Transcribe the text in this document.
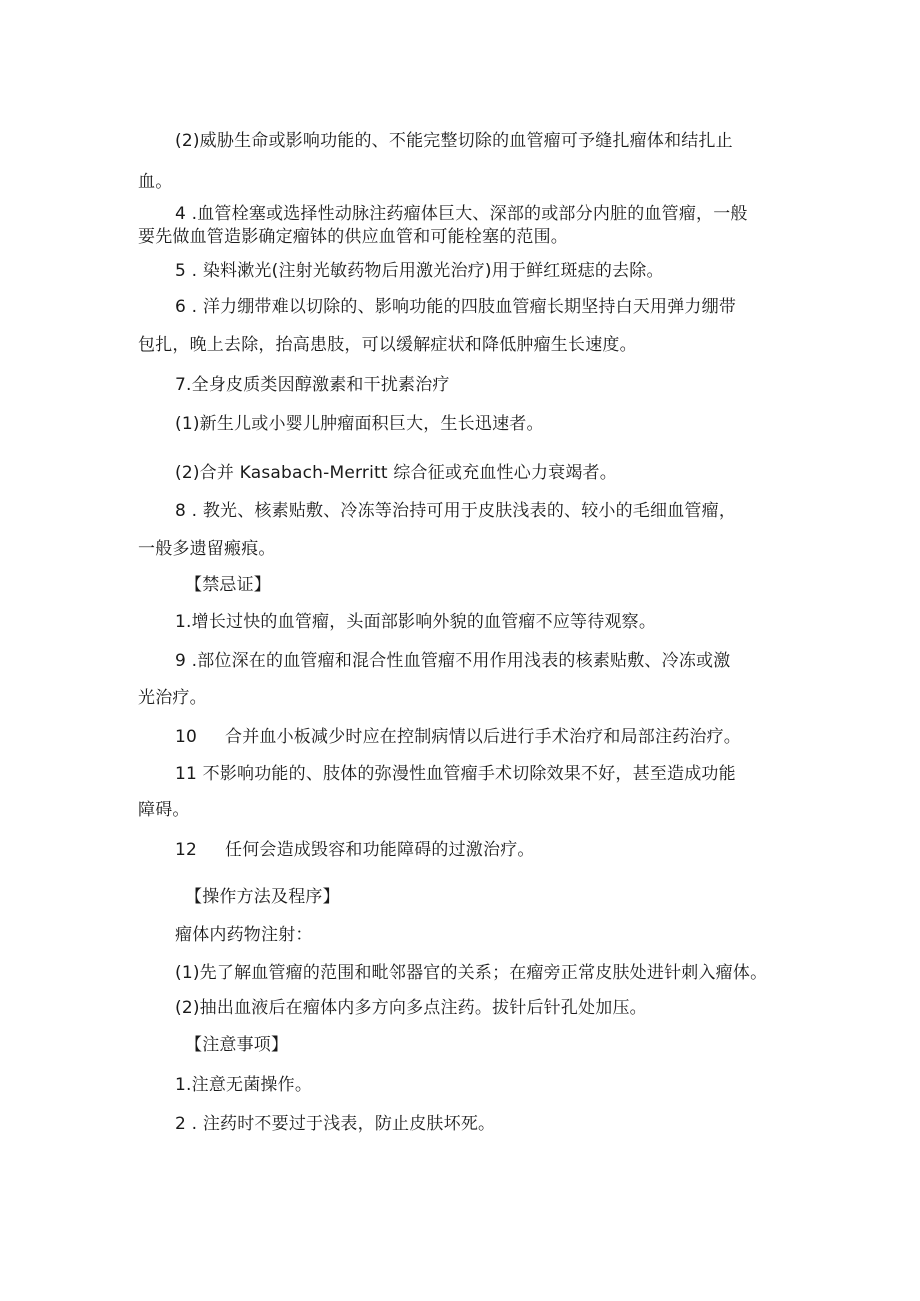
(2)威胁生命或影响功能的、不能完整切除的血管瘤可予缝扎瘤体和结扎止
血。
4 .血管栓塞或选择性动脉注药瘤体巨大、深部的或部分内脏的血管瘤，一般
要先做血管造影确定瘤钵的供应血管和可能栓塞的范围。
5 . 染料漱光(注射光敏药物后用激光治疗)用于鲜红斑痣的去除。
6 . 洋力绷带难以切除的、影响功能的四肢血管瘤长期坚持白天用弹力绷带
包扎，晚上去除，抬高患肢，可以缓解症状和降低肿瘤生长速度。
7.全身皮质类因醇激素和干扰素治疗
(1)新生儿或小婴儿肿瘤面积巨大，生长迅速者。
(2)合并 Kasabach-Merritt 综合征或充血性心力衰竭者。
8 . 教光、核素贴敷、冷冻等治持可用于皮肤浅表的、较小的毛细血管瘤，
一般多遗留瘢痕。
【禁忌证】
1.增长过快的血管瘤，头面部影响外貌的血管瘤不应等待观察。
9 .部位深在的血管瘤和混合性血管瘤不用作用浅表的核素贴敷、冷冻或激
光治疗。
10 合并血小板减少时应在控制病情以后进行手术治疗和局部注药治疗。
11 不影响功能的、肢体的弥漫性血管瘤手术切除效果不好，甚至造成功能
障碍。
12 任何会造成毁容和功能障碍的过激治疗。
【操作方法及程序】
瘤体内药物注射：
(1)先了解血管瘤的范围和毗邻器官的关系；在瘤旁正常皮肤处进针刺入瘤体。
(2)抽出血液后在瘤体内多方向多点注药。拔针后针孔处加压。
【注意事项】
1.注意无菌操作。
2 . 注药时不要过于浅表，防止皮肤坏死。
